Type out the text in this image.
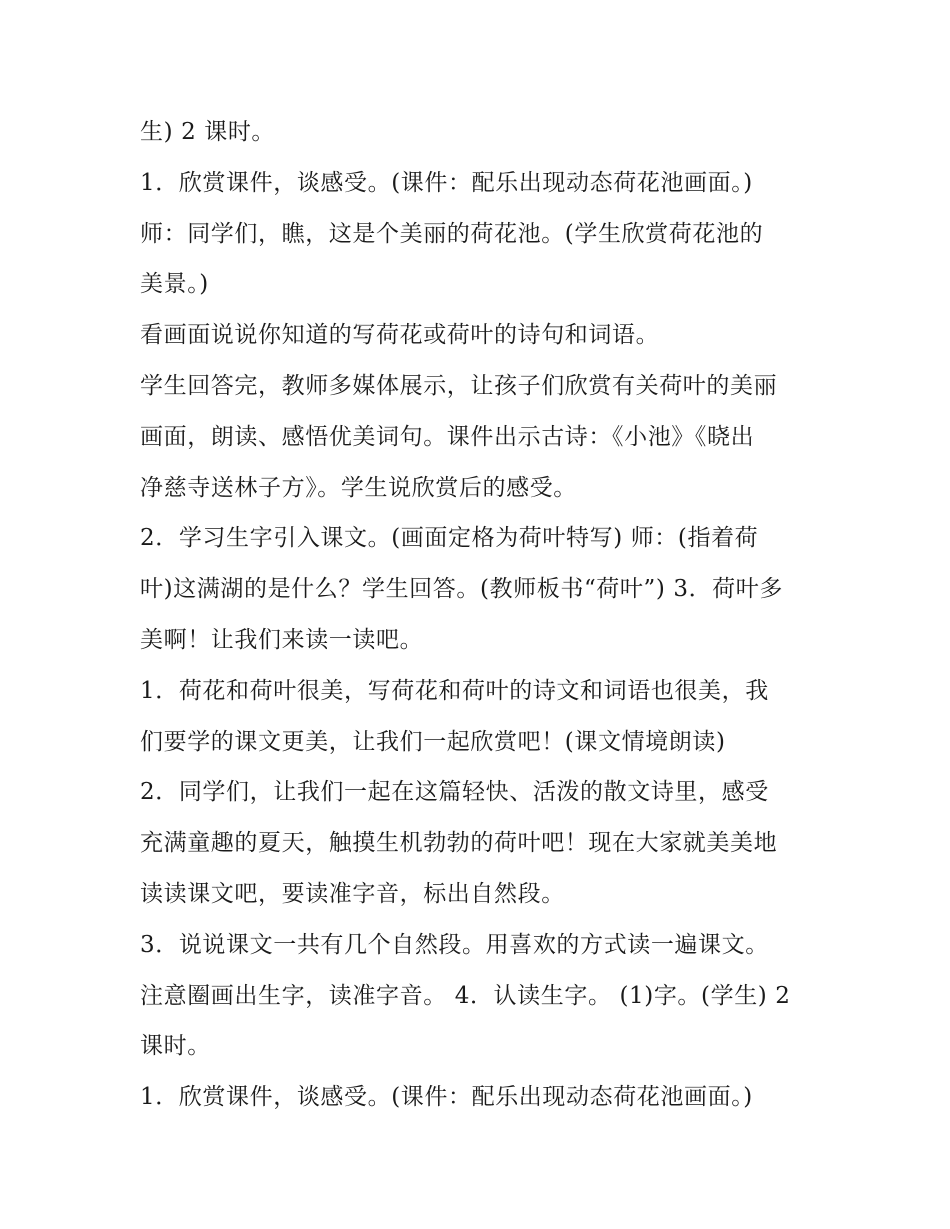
生) 2 课时。
1．欣赏课件，谈感受。(课件：配乐出现动态荷花池画面。)
师：同学们，瞧，这是个美丽的荷花池。(学生欣赏荷花池的
美景。)
看画面说说你知道的写荷花或荷叶的诗句和词语。
学生回答完，教师多媒体展示，让孩子们欣赏有关荷叶的美丽
画面，朗读、感悟优美词句。课件出示古诗：《小池》《晓出
净慈寺送林子方》。学生说欣赏后的感受。
2．学习生字引入课文。(画面定格为荷叶特写) 师：(指着荷
叶)这满湖的是什么？学生回答。(教师板书“荷叶”) 3．荷叶多
美啊！让我们来读一读吧。
1．荷花和荷叶很美，写荷花和荷叶的诗文和词语也很美，我
们要学的课文更美，让我们一起欣赏吧！(课文情境朗读)
2．同学们，让我们一起在这篇轻快、活泼的散文诗里，感受
充满童趣的夏天，触摸生机勃勃的荷叶吧！现在大家就美美地
读读课文吧，要读准字音，标出自然段。
3．说说课文一共有几个自然段。用喜欢的方式读一遍课文。
注意圈画出生字，读准字音。 4．认读生字。 (1)字。(学生) 2
课时。
1．欣赏课件，谈感受。(课件：配乐出现动态荷花池画面。)
